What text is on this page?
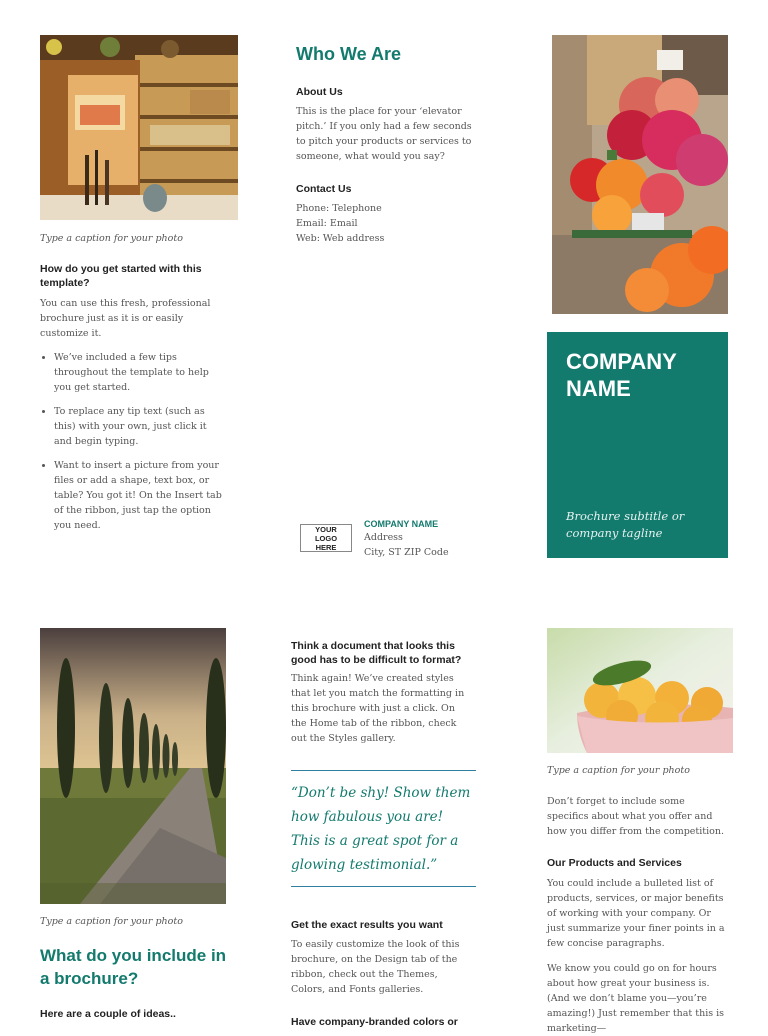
Type a caption for your photo
How do you get started with this template?
You can use this fresh, professional brochure just as it is or easily customize it.
• We’ve included a few tips throughout the template to help you get started.
• To replace any tip text (such as this) with your own, just click it and begin typing.
• Want to insert a picture from your files or add a shape, text box, or table? You got it! On the Insert tab of the ribbon, just tap the option you need.
Who We Are
About Us
This is the place for your ‘elevator pitch.’ If you only had a few seconds to pitch your products or services to someone, what would you say?
Contact Us
Phone: Telephone
Email: Email
Web: Web address
YOUR LOGO HERE
COMPANY NAME
Address
City, ST ZIP Code
COMPANY NAME
Brochure subtitle or company tagline
Type a caption for your photo
What do you include in a brochure?
Here are a couple of ideas..
Think a document that looks this good has to be difficult to format?
Think again! We’ve created styles that let you match the formatting in this brochure with just a click. On the Home tab of the ribbon, check out the Styles gallery.
“Don’t be shy! Show them how fabulous you are! This is a great spot for a glowing testimonial.”
Get the exact results you want
To easily customize the look of this brochure, on the Design tab of the ribbon, check out the Themes, Colors, and Fonts galleries.
Have company-branded colors or
Type a caption for your photo
Don’t forget to include some specifics about what you offer and how you differ from the competition.
Our Products and Services
You could include a bulleted list of products, services, or major benefits of working with your company. Or just summarize your finer points in a few concise paragraphs.
We know you could go on for hours about how great your business is. (And we don’t blame you—you’re amazing!) Just remember that this is marketing—
